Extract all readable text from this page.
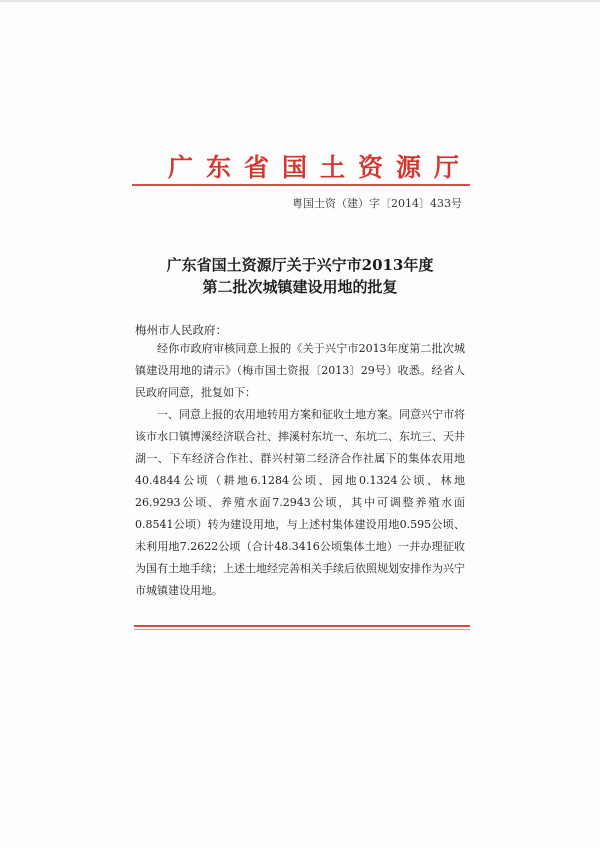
广东省国土资源厅
粤国土资（建）字〔2014〕433号
广东省国土资源厅关于兴宁市2013年度
第二批次城镇建设用地的批复
梅州市人民政府：

经你市政府审核同意上报的《关于兴宁市2013年度第二批次城镇建设用地的请示》（梅市国土资报〔2013〕29号）收悉。经省人民政府同意，批复如下：

一、同意上报的农用地转用方案和征收土地方案。同意兴宁市将该市水口镇博溪经济联合社、摔溪村东坑一、东坑二、东坑三、天井湖一、下车经济合作社、群兴村第二经济合作社属下的集体农用地40.4844公顷（耕地6.1284公顷、园地0.1324公顷、林地26.9293公顷、养殖水面7.2943公顷，其中可调整养殖水面0.8541公顷）转为建设用地，与上述村集体建设用地0.595公顷、未利用地7.2622公顷（合计48.3416公顷集体土地）一并办理征收为国有土地手续；上述土地经完善相关手续后依照规划安排作为兴宁市城镇建设用地。
